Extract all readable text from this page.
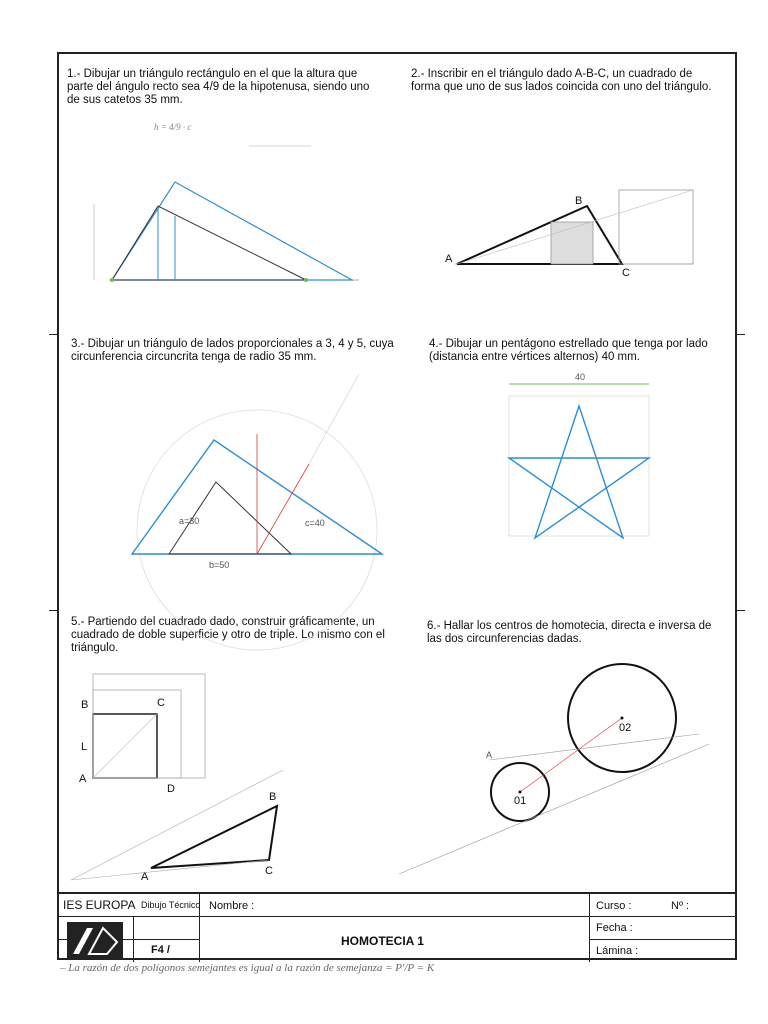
1.- Dibujar un triángulo rectángulo en el que la altura que parte del ángulo recto sea 4/9 de la hipotenusa, siendo uno de sus catetos 35 mm.
2.- Inscribir en el triángulo dado A-B-C, un cuadrado de forma que uno de sus lados coincida con uno del triángulo.
3.- Dibujar un triángulo de lados proporcionales a 3, 4 y 5, cuya circunferencia circuncrita tenga de radio 35 mm.
4.- Dibujar un pentágono estrellado que tenga por lado (distancia entre vértices alternos) 40 mm.
5.- Partiendo del cuadrado dado, construir gráficamente, un cuadrado de doble superficie y otro de triple. Lo mismo con el triángulo.
6.- Hallar los centros de homotecia, directa e inversa de las dos circunferencias dadas.
h = 4/9 · c
A
B
C
b=50
a=30	c=40
40
B	C
L
A
D
B
A	C
01
02
A
IES EUROPA Dibujo Técnico Nombre :	Curso :	Nº :
F4 /
HOMOTECIA 1
Fecha :
Lámina :
– La razón de dos polígonos semejantes es igual a la razón de semejanza = P'/P = K
